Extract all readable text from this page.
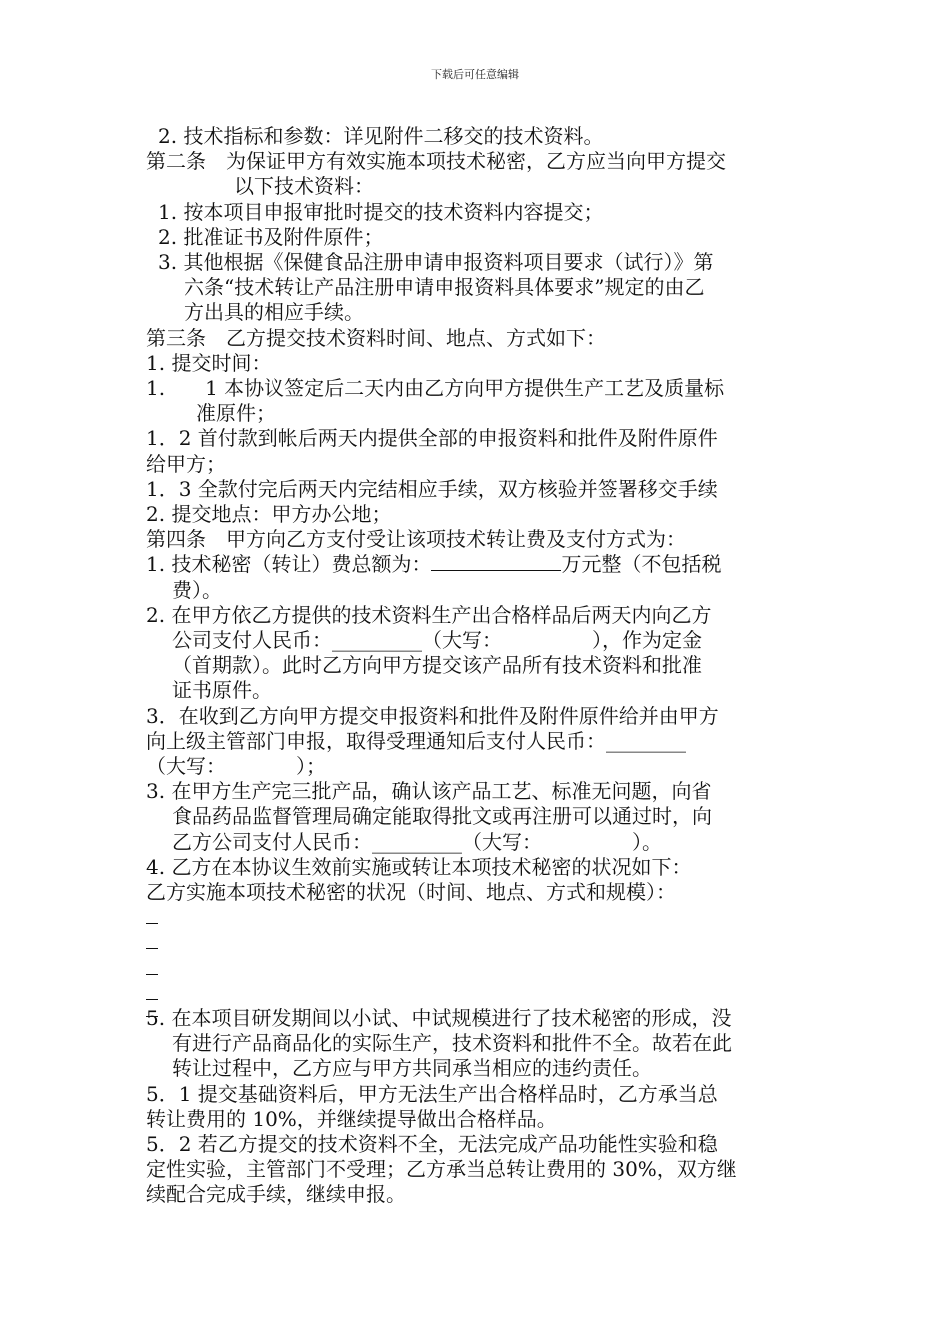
下载后可任意编辑
2. 技术指标和参数：详见附件二移交的技术资料。
第二条　为保证甲方有效实施本项技术秘密，乙方应当向甲方提交
以下技术资料：
1. 按本项目申报审批时提交的技术资料内容提交；
2. 批准证书及附件原件；
3. 其他根据《保健食品注册申请申报资料项目要求（试行）》第
六条“技术转让产品注册申请申报资料具体要求”规定的由乙
方出具的相应手续。
第三条　乙方提交技术资料时间、地点、方式如下：
1. 提交时间：
1.　　1 本协议签定后二天内由乙方向甲方提供生产工艺及质量标
准原件；
1．2 首付款到帐后两天内提供全部的申报资料和批件及附件原件
给甲方；
1．3 全款付完后两天内完结相应手续，双方核验并签署移交手续
2. 提交地点：甲方办公地；
第四条　甲方向乙方支付受让该项技术转让费及支付方式为：
1. 技术秘密（转让）费总额为：	万元整（不包括税
费）。
2. 在甲方依乙方提供的技术资料生产出合格样品后两天内向乙方
公司支付人民币：_________（大写：　　　　　），作为定金
（首期款）。此时乙方向甲方提交该产品所有技术资料和批准
证书原件。
3．在收到乙方向甲方提交申报资料和批件及附件原件给并由甲方
向上级主管部门申报，取得受理通知后支付人民币：________
（大写：　　　　）；
3. 在甲方生产完三批产品，确认该产品工艺、标准无问题，向省
食品药品监督管理局确定能取得批文或再注册可以通过时，向
乙方公司支付人民币：_________（大写：　　　　　）。
4. 乙方在本协议生效前实施或转让本项技术秘密的状况如下：
乙方实施本项技术秘密的状况（时间、地点、方式和规模）：
5. 在本项目研发期间以小试、中试规模进行了技术秘密的形成，没
有进行产品商品化的实际生产，技术资料和批件不全。故若在此
转让过程中，乙方应与甲方共同承当相应的违约责任。
5．1 提交基础资料后，甲方无法生产出合格样品时，乙方承当总
转让费用的 10%，并继续提导做出合格样品。
5．2 若乙方提交的技术资料不全，无法完成产品功能性实验和稳
定性实验，主管部门不受理；乙方承当总转让费用的 30%，双方继
续配合完成手续，继续申报。
